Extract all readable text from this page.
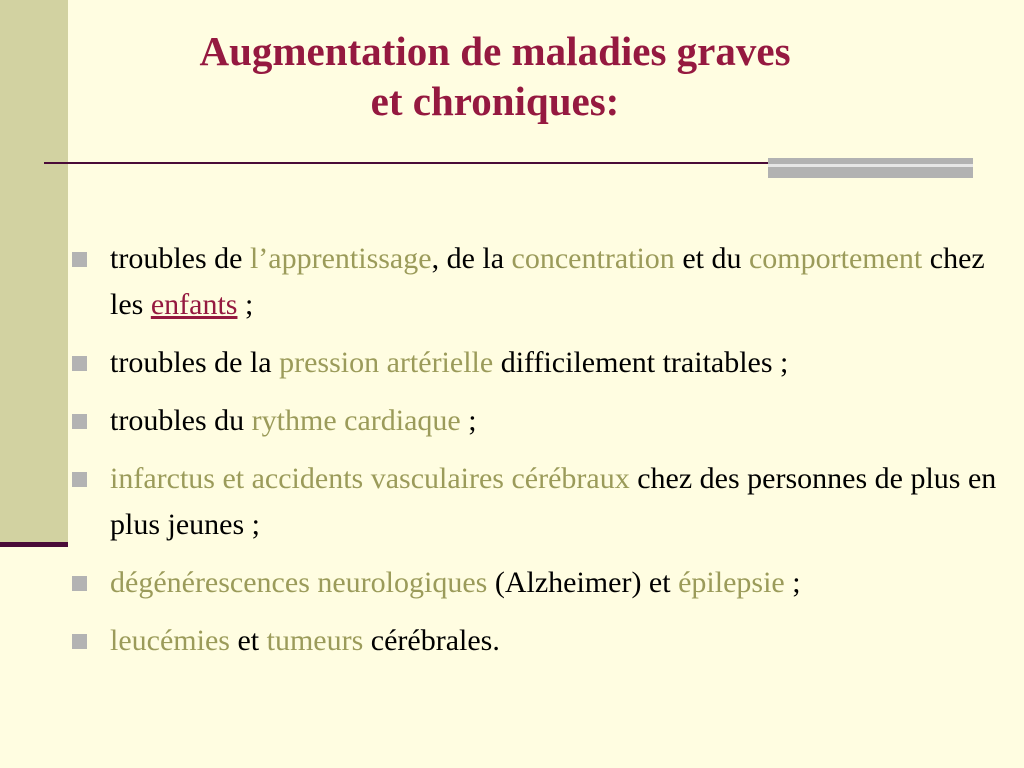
Augmentation de maladies graves
et chroniques:
troubles de l’apprentissage, de la concentration et du comportement chez les enfants ;
troubles de la pression artérielle difficilement traitables ;
troubles du rythme cardiaque ;
infarctus et accidents vasculaires cérébraux chez des personnes de plus en plus jeunes ;
dégénérescences neurologiques (Alzheimer) et épilepsie ;
leucémies et tumeurs cérébrales.
